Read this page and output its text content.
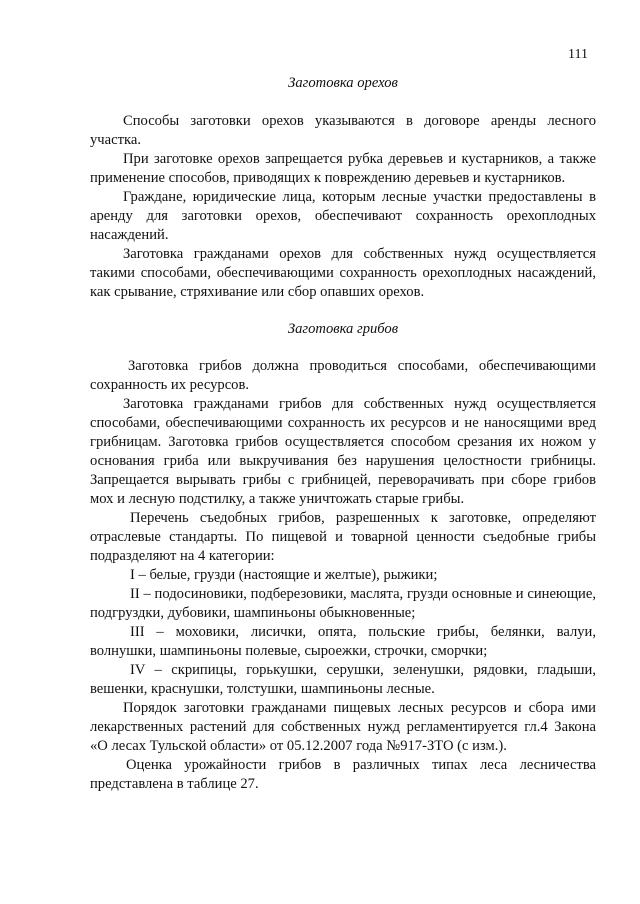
111
Заготовка орехов

Способы заготовки орехов указываются в договоре аренды лесного участка.

При заготовке орехов запрещается рубка деревьев и кустарников, а также применение способов, приводящих к повреждению деревьев и кустарников.

Граждане, юридические лица, которым лесные участки предоставлены в аренду для заготовки орехов, обеспечивают сохранность орехоплодных насаждений.

Заготовка гражданами орехов для собственных нужд осуществляется такими способами, обеспечивающими сохранность орехоплодных насаждений, как срывание, стряхивание или сбор опавших орехов.

Заготовка грибов

Заготовка грибов должна проводиться способами, обеспечивающими сохранность их ресурсов.

Заготовка гражданами грибов для собственных нужд осуществляется способами, обеспечивающими сохранность их ресурсов и не наносящими вред грибницам. Заготовка грибов осуществляется способом срезания их ножом у основания гриба или выкручивания без нарушения целостности грибницы. Запрещается вырывать грибы с грибницей, переворачивать при сборе грибов мох и лесную подстилку, а также уничтожать старые грибы.

Перечень съедобных грибов, разрешенных к заготовке, определяют отраслевые стандарты. По пищевой и товарной ценности съедобные грибы подразделяют на 4 категории:

I – белые, грузди (настоящие и желтые), рыжики;

II – подосиновики, подберезовики, маслята, грузди основные и синеющие, подгруздки, дубовики, шампиньоны обыкновенные;

III – моховики, лисички, опята, польские грибы, белянки, валуи, волнушки, шампиньоны полевые, сыроежки, строчки, сморчки;

IV – скрипицы, горькушки, серушки, зеленушки, рядовки, гладыши, вешенки, краснушки, толстушки, шампиньоны лесные.

Порядок заготовки гражданами пищевых лесных ресурсов и сбора ими лекарственных растений для собственных нужд регламентируется гл.4 Закона «О лесах Тульской области» от 05.12.2007 года №917-ЗТО (с изм.).

Оценка урожайности грибов в различных типах леса лесничества представлена в таблице 27.
